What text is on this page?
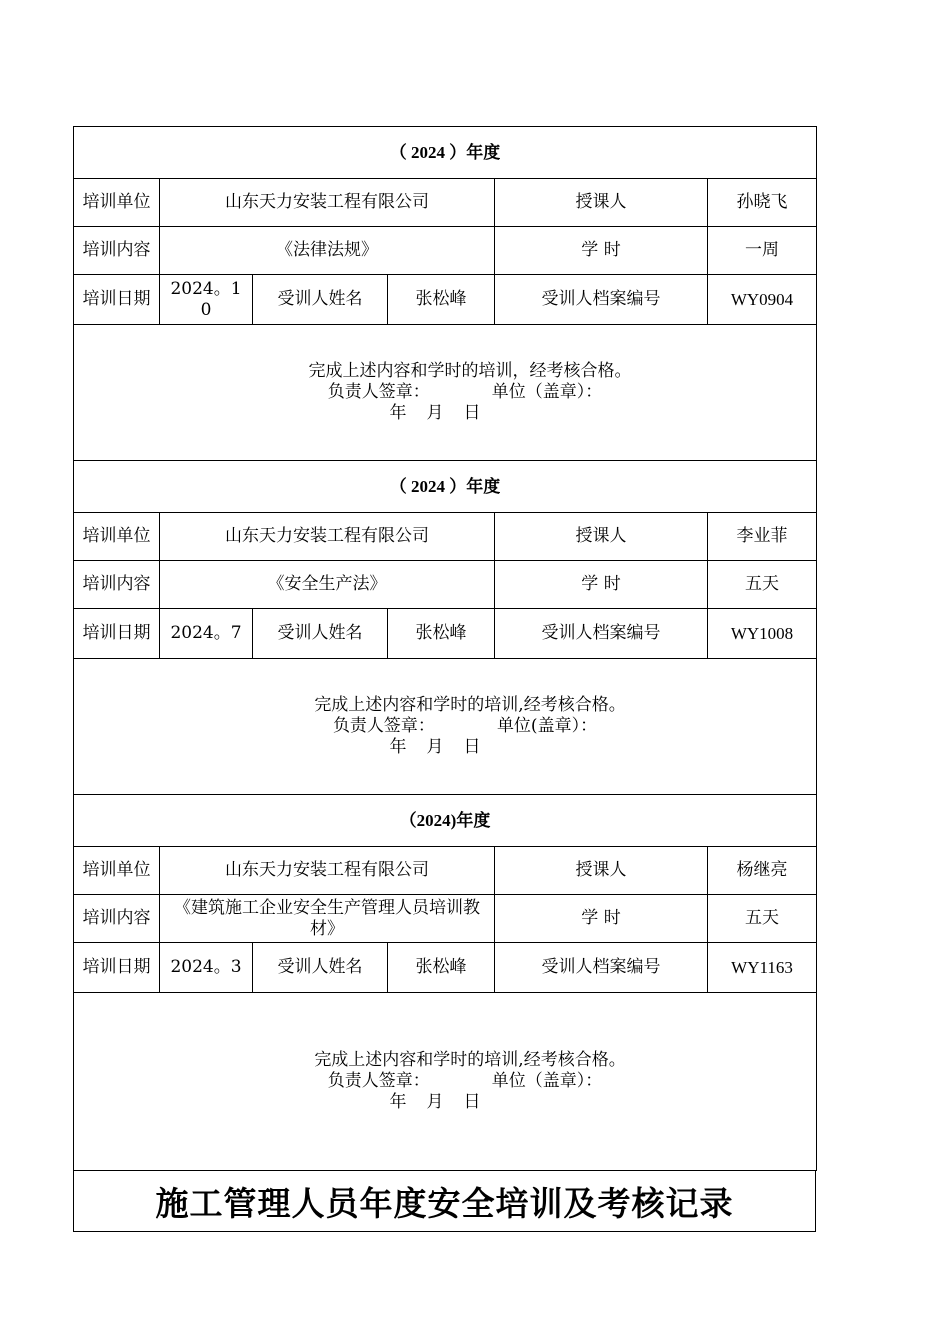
（ 2024 ）年度					
培训单位	山东天力安装工程有限公司			授课人	孙晓飞
培训内容	《法律法规》			学 时	一周
培训日期	2024。10	受训人姓名	张松峰	受训人档案编号	WY0904

完成上述内容和学时的培训，经考核合格。
负责人签章： 单位（盖章）：
年 月 日					

（ 2024 ）年度					
培训单位	山东天力安装工程有限公司			授课人	李业菲
培训内容	《安全生产法》			学 时	五天
培训日期	2024。7	受训人姓名	张松峰	受训人档案编号	WY1008

完成上述内容和学时的培训,经考核合格。
负责人签章： 单位(盖章）：
年 月 日					

（2024)年度					
培训单位	山东天力安装工程有限公司			授课人	杨继亮
培训内容	《建筑施工企业安全生产管理人员培训教材》			学 时	五天
培训日期	2024。3	受训人姓名	张松峰	受训人档案编号	WY1163

完成上述内容和学时的培训,经考核合格。
负责人签章： 单位（盖章）：
年 月 日					
施工管理人员年度安全培训及考核记录
